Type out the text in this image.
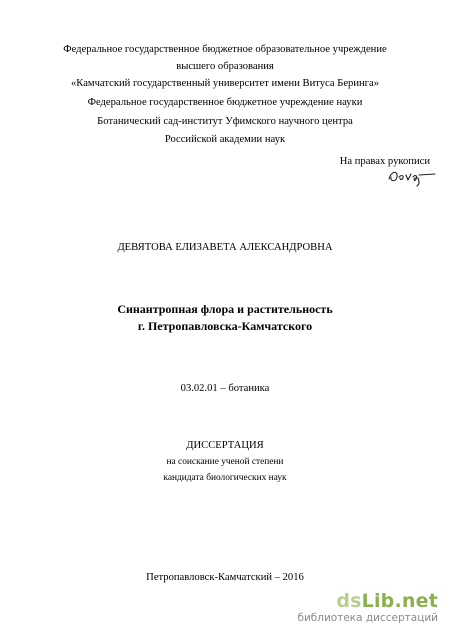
Федеральное государственное бюджетное образовательное учреждение
высшего образования
«Камчатский государственный университет имени Витуса Беринга»
Федеральное государственное бюджетное учреждение науки
Ботанический сад-институт Уфимского научного центра
Российской академии наук
На правах рукописи
ДЕВЯТОВА ЕЛИЗАВЕТА АЛЕКСАНДРОВНА
Синантропная флора и растительность
г. Петропавловска-Камчатского
03.02.01 – ботаника
ДИССЕРТАЦИЯ
на соискание ученой степени
кандидата биологических наук
Петропавловск-Камчатский – 2016
dsLib.net
библиотека диссертаций
